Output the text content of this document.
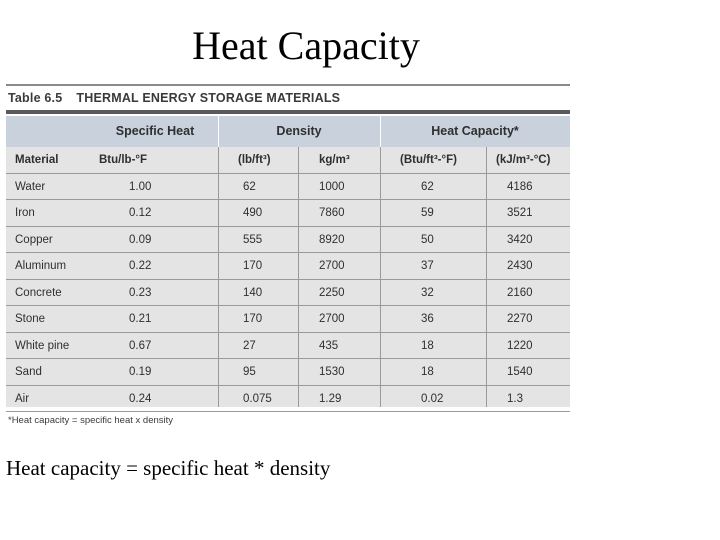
Heat Capacity
Table 6.5 THERMAL ENERGY STORAGE MATERIALS
Specific Heat	Density	Heat Capacity*
Material	Btu/lb-°F	(lb/ft³)	kg/m³	(Btu/ft³-°F)	(kJ/m³-°C)
Water	1.00	62	1000	62	4186
Iron	0.12	490	7860	59	3521
Copper	0.09	555	8920	50	3420
Aluminum	0.22	170	2700	37	2430
Concrete	0.23	140	2250	32	2160
Stone	0.21	170	2700	36	2270
White pine	0.67	27	435	18	1220
Sand	0.19	95	1530	18	1540
Air	0.24	0.075	1.29	0.02	1.3
*Heat capacity = specific heat x density
Heat capacity = specific heat * density
